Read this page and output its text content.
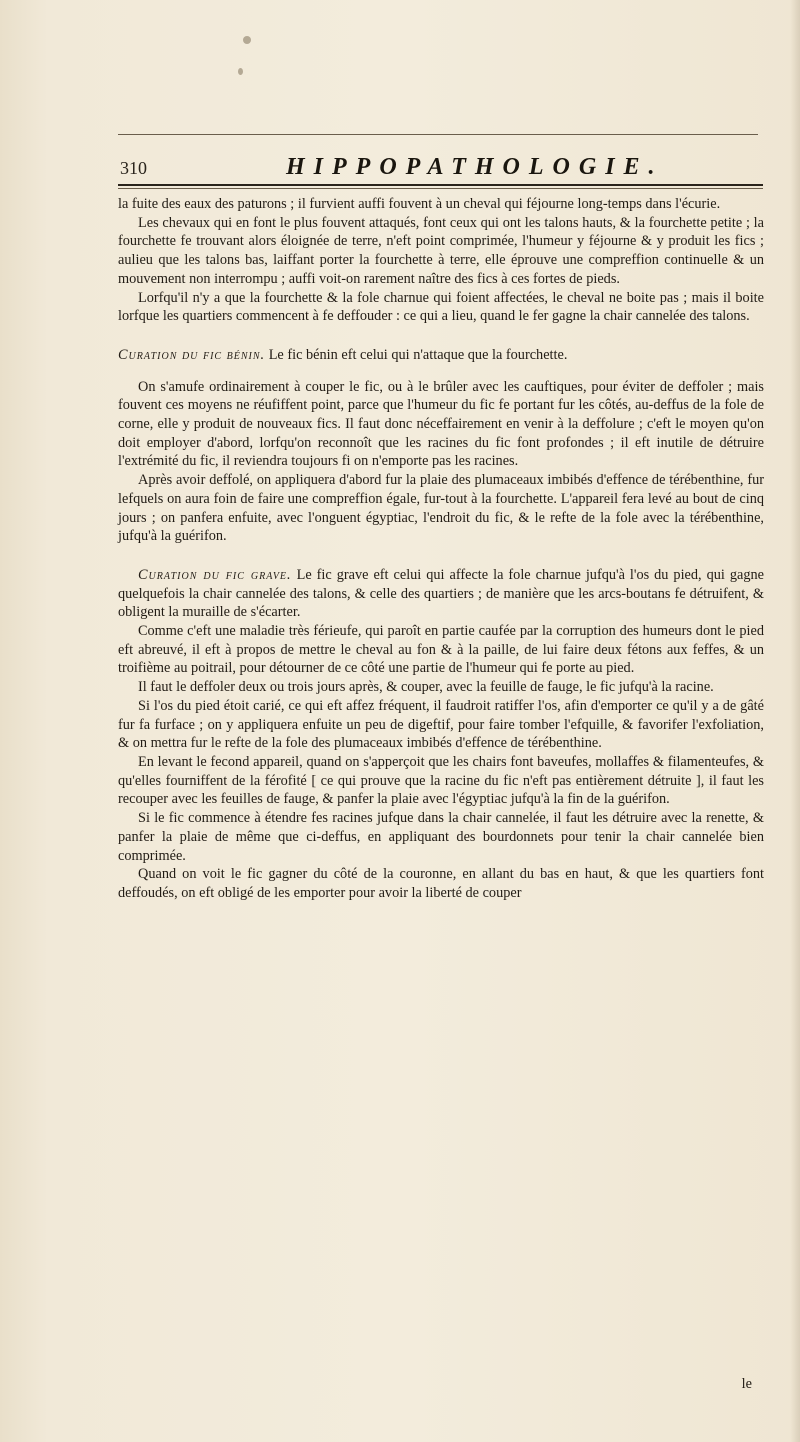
310	HIPPOPATHOLOGIE.

la fuite des eaux des paturons ; il furvient auffi fouvent à un cheval qui féjourne long-temps dans l'écurie.

Les chevaux qui en font le plus fouvent attaqués, font ceux qui ont les talons hauts, & la fourchette petite ; la fourchette fe trouvant alors éloignée de terre, n'eft point comprimée, l'humeur y féjourne & y produit les fics ; aulieu que les talons bas, laiffant porter la fourchette à terre, elle éprouve une compreffion continuelle & un mouvement non interrompu ; auffi voit-on rarement naître des fics à ces fortes de pieds.

Lorfqu'il n'y a que la fourchette & la fole charnue qui foient affectées, le cheval ne boite pas ; mais il boite lorfque les quartiers commencent à fe deffouder : ce qui a lieu, quand le fer gagne la chair cannelée des talons.

Curation du fic bénin. Le fic bénin eft celui qui n'attaque que la fourchette.

On s'amufe ordinairement à couper le fic, ou à le brûler avec les cauftiques, pour éviter de deffoler ; mais fouvent ces moyens ne réufiffent point, parce que l'humeur du fic fe portant fur les côtés, au-deffus de la fole de corne, elle y produit de nouveaux fics. Il faut donc néceffairement en venir à la deffolure ; c'eft le moyen qu'on doit employer d'abord, lorfqu'on reconnoît que les racines du fic font profondes ; il eft inutile de détruire l'extrémité du fic, il reviendra toujours fi on n'emporte pas les racines.

Après avoir deffolé, on appliquera d'abord fur la plaie des plumaceaux imbibés d'effence de térébenthine, fur lefquels on aura foin de faire une compreffion égale, fur-tout à la fourchette. L'appareil fera levé au bout de cinq jours ; on panfera enfuite, avec l'onguent égyptiac, l'endroit du fic, & le refte de la fole avec la térébenthine, jufqu'à la guérifon.

Curation du fic grave. Le fic grave eft celui qui affecte la fole charnue jufqu'à l'os du pied, qui gagne quelquefois la chair cannelée des talons, & celle des quartiers ; de manière que les arcs-boutans fe détruifent, & obligent la muraille de s'écarter.

Comme c'eft une maladie très férieufe, qui paroît en partie caufée par la corruption des humeurs dont le pied eft abreuvé, il eft à propos de mettre le cheval au fon & à la paille, de lui faire deux fétons aux feffes, & un troifième au poitrail, pour détourner de ce côté une partie de l'humeur qui fe porte au pied.

Il faut le deffoler deux ou trois jours après, & couper, avec la feuille de fauge, le fic jufqu'à la racine.

Si l'os du pied étoit carié, ce qui eft affez fréquent, il faudroit ratiffer l'os, afin d'emporter ce qu'il y a de gâté fur fa furface ; on y appliquera enfuite un peu de digeftif, pour faire tomber l'efquille, & favorifer l'exfoliation, & on mettra fur le refte de la fole des plumaceaux imbibés d'effence de térébenthine.

En levant le fecond appareil, quand on s'apperçoit que les chairs font baveufes, mollaffes & filamenteufes, & qu'elles fourniffent de la férofité [ ce qui prouve que la racine du fic n'eft pas entièrement détruite ], il faut les recouper avec les feuilles de fauge, & panfer la plaie avec l'égyptiac jufqu'à la fin de la guérifon.

Si le fic commence à étendre fes racines jufque dans la chair cannelée, il faut les détruire avec la renette, & panfer la plaie de même que ci-deffus, en appliquant des bourdonnets pour tenir la chair cannelée bien comprimée.

Quand on voit le fic gagner du côté de la couronne, en allant du bas en haut, & que les quartiers font deffoudés, on eft obligé de les emporter pour avoir la liberté de couper

le
